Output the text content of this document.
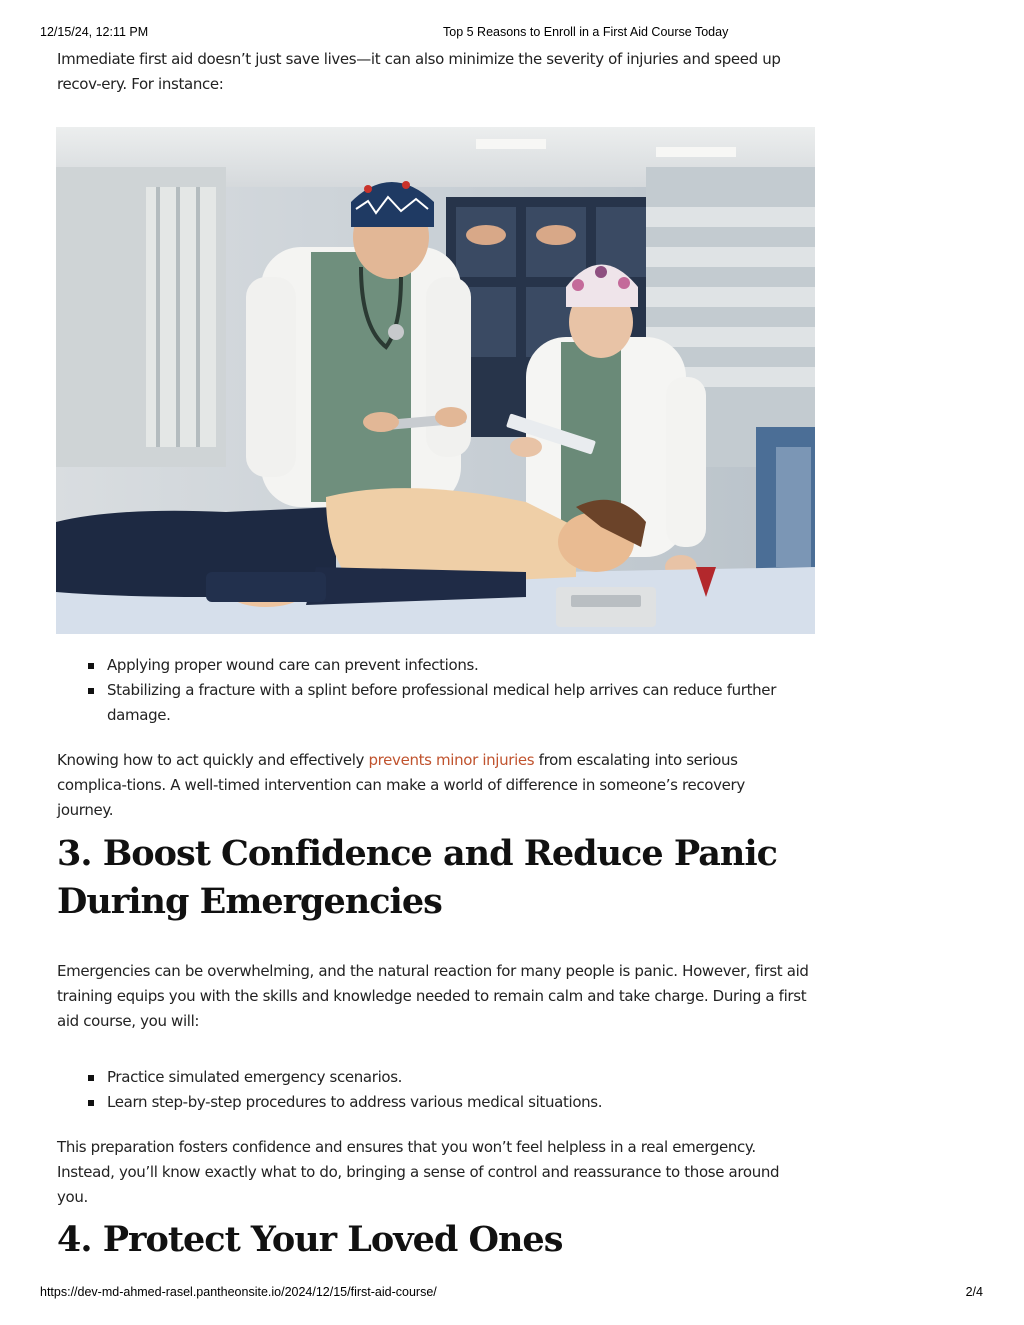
12/15/24, 12:11 PM	Top 5 Reasons to Enroll in a First Aid Course Today

Immediate first aid doesn’t just save lives—it can also minimize the severity of injuries and speed up recov-ery. For instance:

Applying proper wound care can prevent infections.
Stabilizing a fracture with a splint before professional medical help arrives can reduce further damage.

Knowing how to act quickly and effectively prevents minor injuries from escalating into serious complica-tions. A well-timed intervention can make a world of difference in someone’s recovery journey.

3. Boost Confidence and Reduce Panic During Emergencies

Emergencies can be overwhelming, and the natural reaction for many people is panic. However, first aid training equips you with the skills and knowledge needed to remain calm and take charge. During a first aid course, you will:

Practice simulated emergency scenarios.
Learn step-by-step procedures to address various medical situations.

This preparation fosters confidence and ensures that you won’t feel helpless in a real emergency. Instead, you’ll know exactly what to do, bringing a sense of control and reassurance to those around you.

4. Protect Your Loved Ones
https://dev-md-ahmed-rasel.pantheonsite.io/2024/12/15/first-aid-course/	2/4
